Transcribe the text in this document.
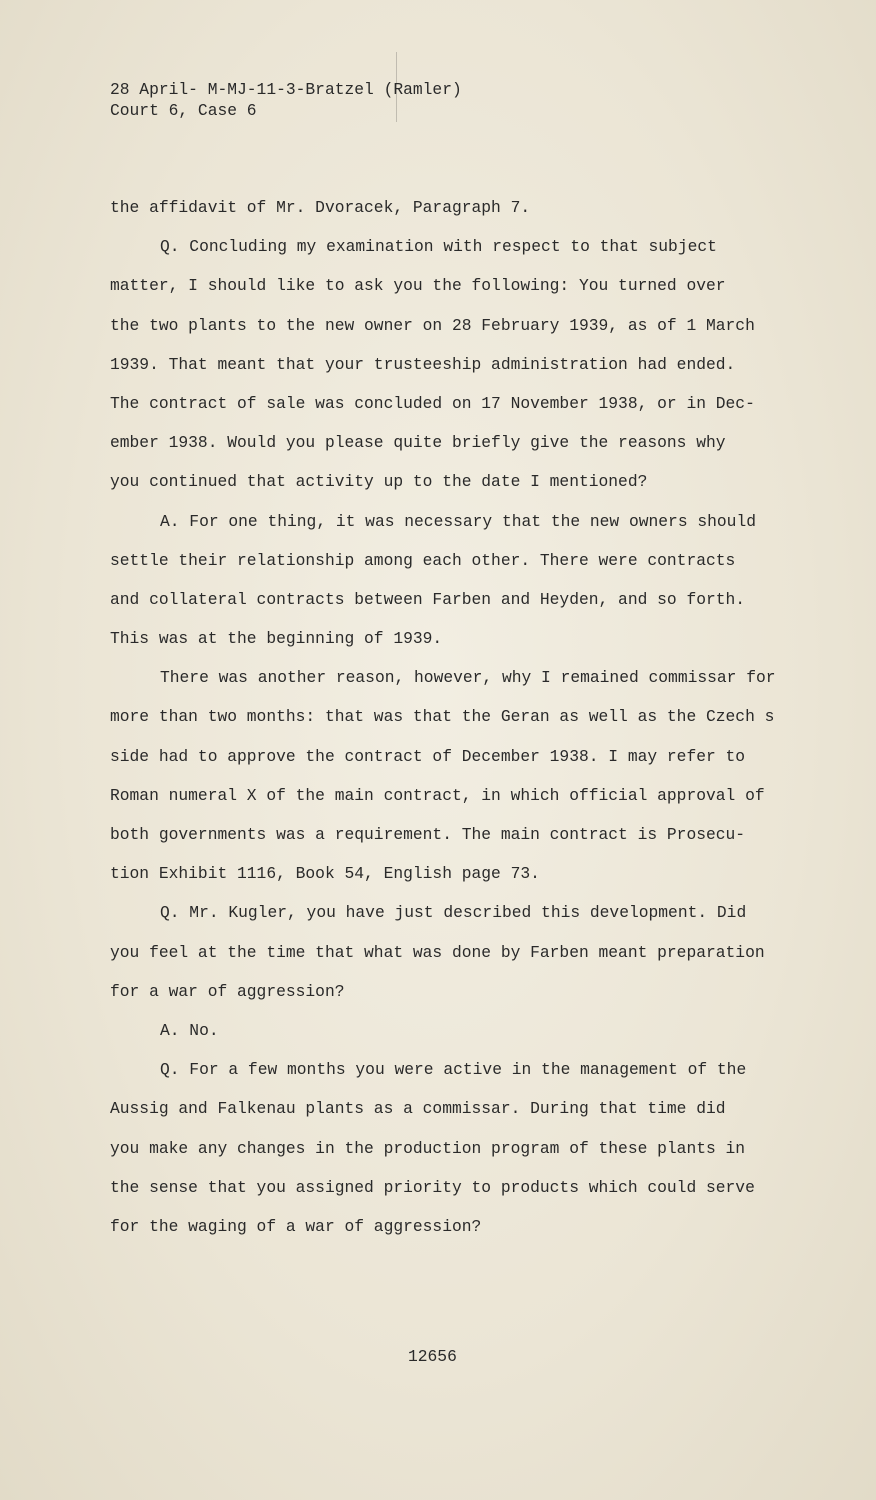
28 April- M-MJ-11-3-Bratzel (Ramler)
Court 6, Case 6
the affidavit of Mr. Dvoracek, Paragraph 7.
Q. Concluding my examination with respect to that subject
matter, I should like to ask you the following: You turned over
the two plants to the new owner on 28 February 1939, as of 1 March
1939. That meant that your trusteeship administration had ended.
The contract of sale was concluded on 17 November 1938, or in Dec-
ember 1938. Would you please quite briefly give the reasons why
you continued that activity up to the date I mentioned?
A. For one thing, it was necessary that the new owners should
settle their relationship among each other. There were contracts
and collateral contracts between Farben and Heyden, and so forth.
This was at the beginning of 1939.
There was another reason, however, why I remained commissar for
more than two months: that was that the Geran as well as the Czech s
side had to approve the contract of December 1938. I may refer to
Roman numeral X of the main contract, in which official approval of
both governments was a requirement. The main contract is Prosecu-
tion Exhibit 1116, Book 54, English page 73.
Q. Mr. Kugler, you have just described this development. Did
you feel at the time that what was done by Farben meant preparation
for a war of aggression?
A. No.
Q. For a few months you were active in the management of the
Aussig and Falkenau plants as a commissar. During that time did
you make any changes in the production program of these plants in
the sense that you assigned priority to products which could serve
for the waging of a war of aggression?
12656
